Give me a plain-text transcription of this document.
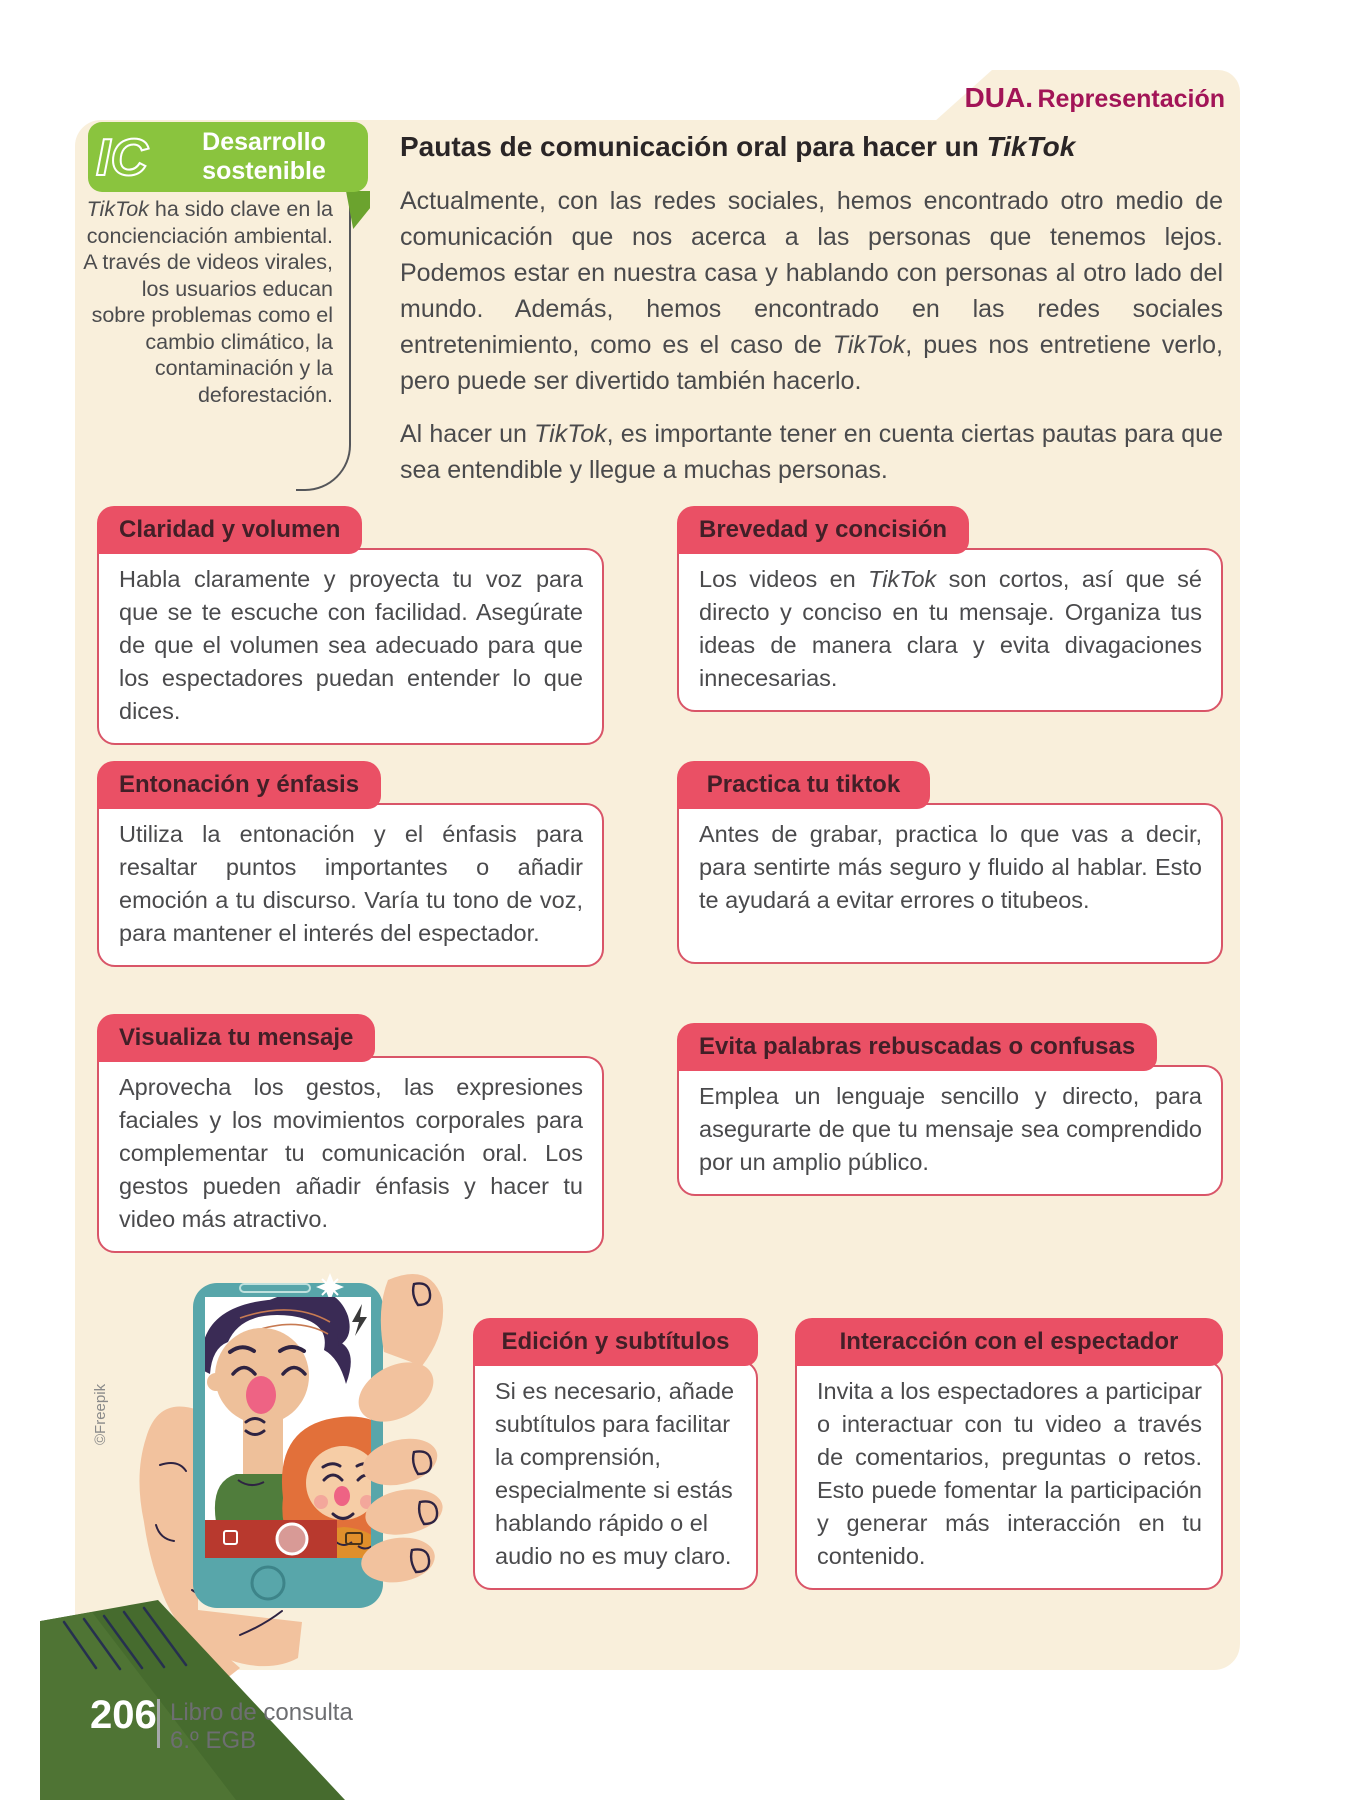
DUA. Representación
IC	Desarrollo
sostenible
TikTok ha sido clave en la concienciación ambiental. A través de videos virales, los usuarios educan sobre problemas como el cambio climático, la contaminación y la deforestación.
Pautas de comunicación oral para hacer un TikTok

Actualmente, con las redes sociales, hemos encontrado otro medio de comunicación que nos acerca a las personas que tenemos lejos. Podemos estar en nuestra casa y hablando con personas al otro lado del mundo. Además, hemos encontrado en las redes sociales entretenimiento, como es el caso de TikTok, pues nos entretiene verlo, pero puede ser divertido también hacerlo.

Al hacer un TikTok, es importante tener en cuenta ciertas pautas para que sea entendible y llegue a muchas personas.

Claridad y volumen
Habla claramente y proyecta tu voz para que se te escuche con facilidad. Asegúrate de que el volumen sea adecuado para que los espectadores puedan entender lo que dices.
Brevedad y concisión
Los videos en TikTok son cortos, así que sé directo y conciso en tu mensaje. Organiza tus ideas de manera clara y evita divagaciones innecesarias.
Entonación y énfasis
Utiliza la entonación y el énfasis para resaltar puntos importantes o añadir emoción a tu discurso. Varía tu tono de voz, para mantener el interés del espectador.
Practica tu tiktok
Antes de grabar, practica lo que vas a decir, para sentirte más seguro y fluido al hablar. Esto te ayudará a evitar errores o titubeos.
Visualiza tu mensaje
Aprovecha los gestos, las expresiones faciales y los movimientos corporales para complementar tu comunicación oral. Los gestos pueden añadir énfasis y hacer tu video más atractivo.
Evita palabras rebuscadas o confusas
Emplea un lenguaje sencillo y directo, para asegurarte de que tu mensaje sea comprendido por un amplio público.
Edición y subtítulos
Si es necesario, añade subtítulos para facilitar la comprensión, especialmente si estás hablando rápido o el audio no es muy claro.
Interacción con el espectador
Invita a los espectadores a participar o interactuar con tu video a través de comentarios, preguntas o retos. Esto puede fomentar la participación y generar más interacción en tu contenido.
©Freepik
206 Libro de consulta
6.º EGB
